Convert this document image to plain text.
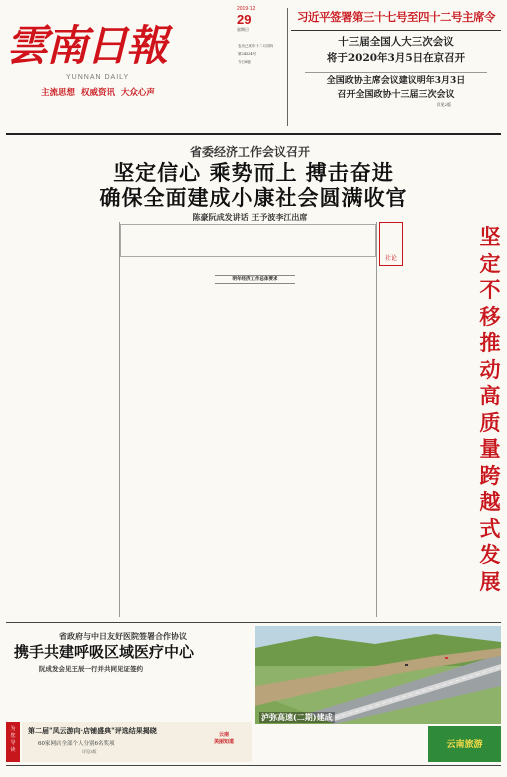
雲南日報
YUNNAN DAILY
主流思想 权威资讯 大众心声
2019·12
29
星期日
农历己亥年十二月初四
第24524号
今日8版
习近平签署第三十七号至四十二号主席令
十三届全国人大三次会议
将于2020年3月5日在京召开
全国政协主席会议建议明年3月3日
召开全国政协十三届三次会议
详见2版
省委经济工作会议召开
坚定信心 乘势而上 搏击奋进
确保全面建成小康社会圆满收官
陈豪阮成发讲话 王予波李江出席
明年经济工作总体要求
社论
坚定不移推动高质量跨越式发展
省政府与中日友好医院签署合作协议
携手共建呼吸区域医疗中心
阮成发会见王辰一行并共同见证签约
泸弥高速(二期)建成
为您导读
第二届"凤云游向·店铺盛典"评选结果揭晓
60家网店全部个人分别6名奖项
详见3版
云南
美丽知道	云南旅游
